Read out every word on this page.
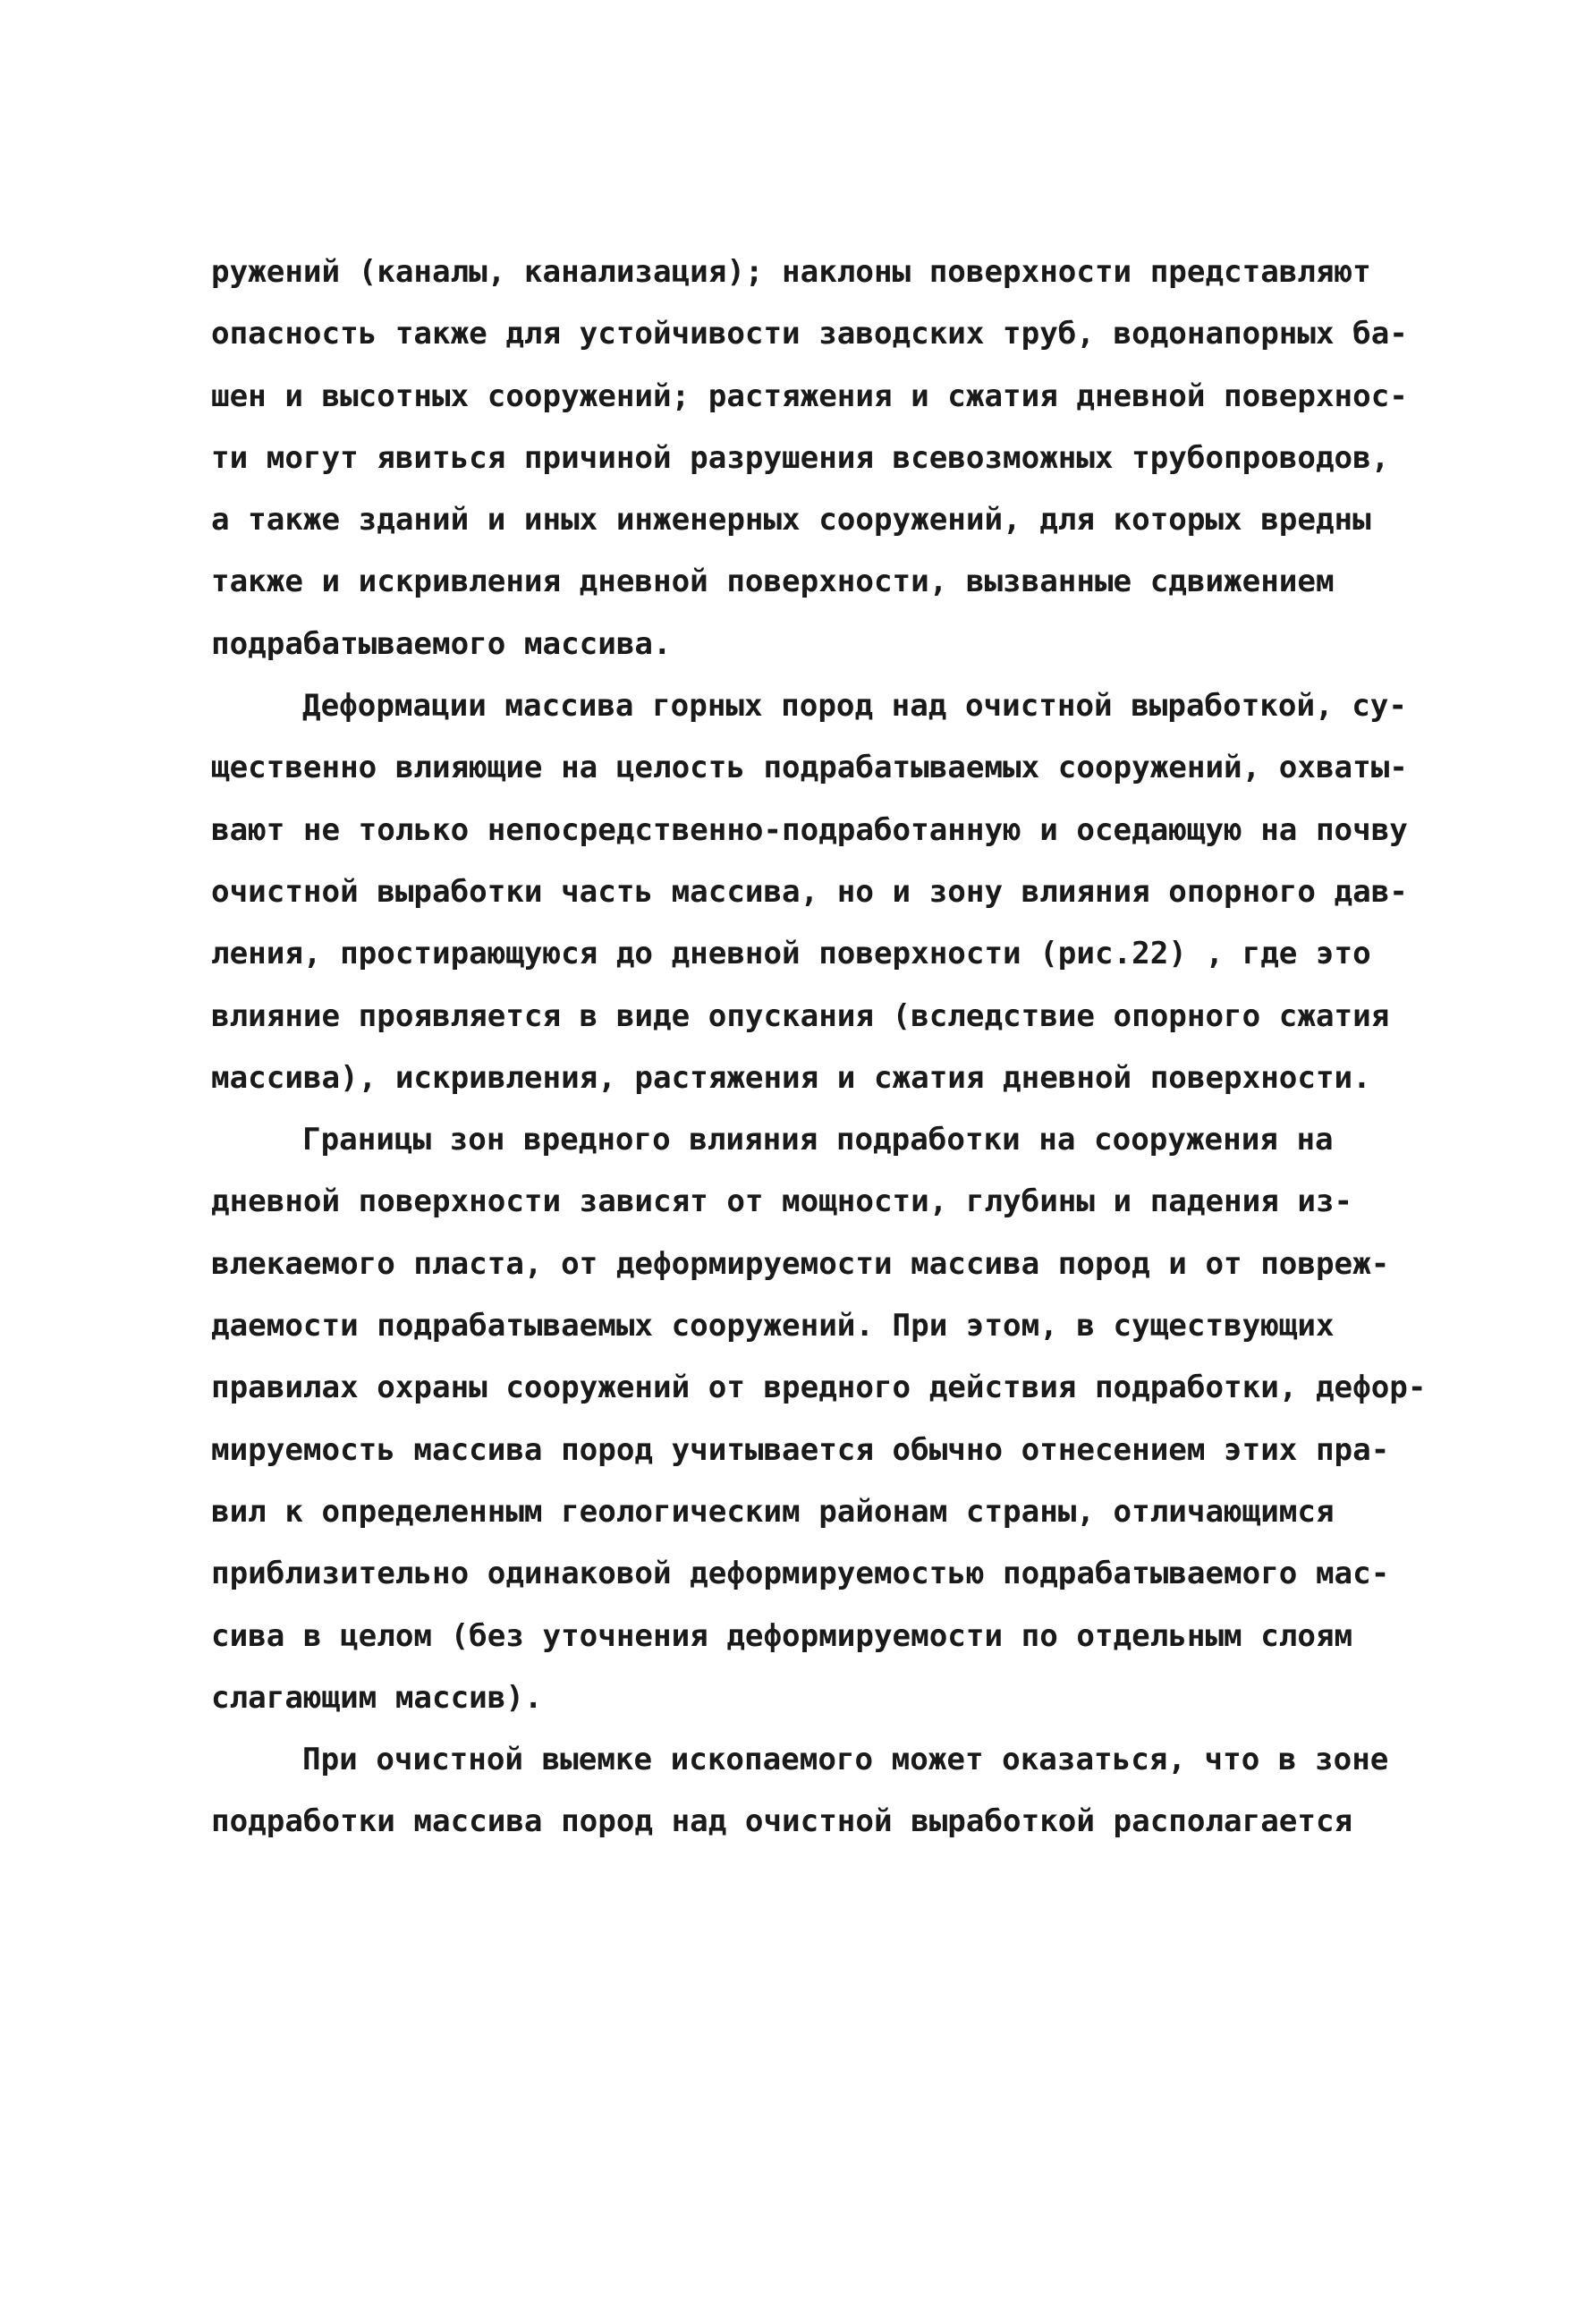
ружений (каналы, канализация); наклоны поверхности представляют
опасность также для устойчивости заводских труб, водонапорных ба-
шен и высотных сооружений; растяжения и сжатия дневной поверхнос-
ти могут явиться причиной разрушения всевозможных трубопроводов,
а также зданий и иных инженерных сооружений, для которых вредны
также и искривления дневной поверхности, вызванные сдвижением
подрабатываемого массива.
Деформации массива горных пород над очистной выработкой, су-
щественно влияющие на целость подрабатываемых сооружений, охваты-
вают не только непосредственно-подработанную и оседающую на почву
очистной выработки часть массива, но и зону влияния опорного дав-
ления, простирающуюся до дневной поверхности (рис.22) , где это
влияние проявляется в виде опускания (вследствие опорного сжатия
массива), искривления, растяжения и сжатия дневной поверхности.
Границы зон вредного влияния подработки на сооружения на
дневной поверхности зависят от мощности, глубины и падения из-
влекаемого пласта, от деформируемости массива пород и от повреж-
даемости подрабатываемых сооружений. При этом, в существующих
правилах охраны сооружений от вредного действия подработки, дефор-
мируемость массива пород учитывается обычно отнесением этих пра-
вил к определенным геологическим районам страны, отличающимся
приблизительно одинаковой деформируемостью подрабатываемого мас-
сива в целом (без уточнения деформируемости по отдельным слоям
слагающим массив).
При очистной выемке ископаемого может оказаться, что в зоне
подработки массива пород над очистной выработкой располагается
